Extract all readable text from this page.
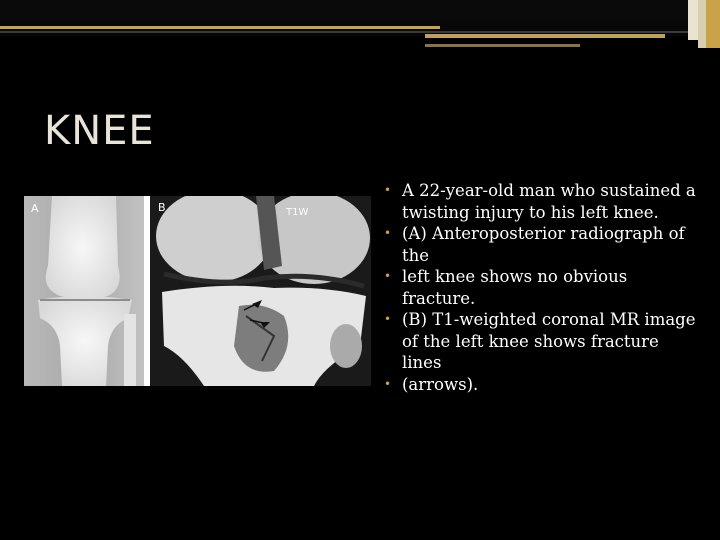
KNEE
A	B	T1W
• A 22-year-old man who sustained a twisting injury to his left knee.
• (A) Anteroposterior radiograph of the
• left knee shows no obvious fracture.
• (B) T1-weighted coronal MR image of the left knee shows fracture lines
• (arrows).
